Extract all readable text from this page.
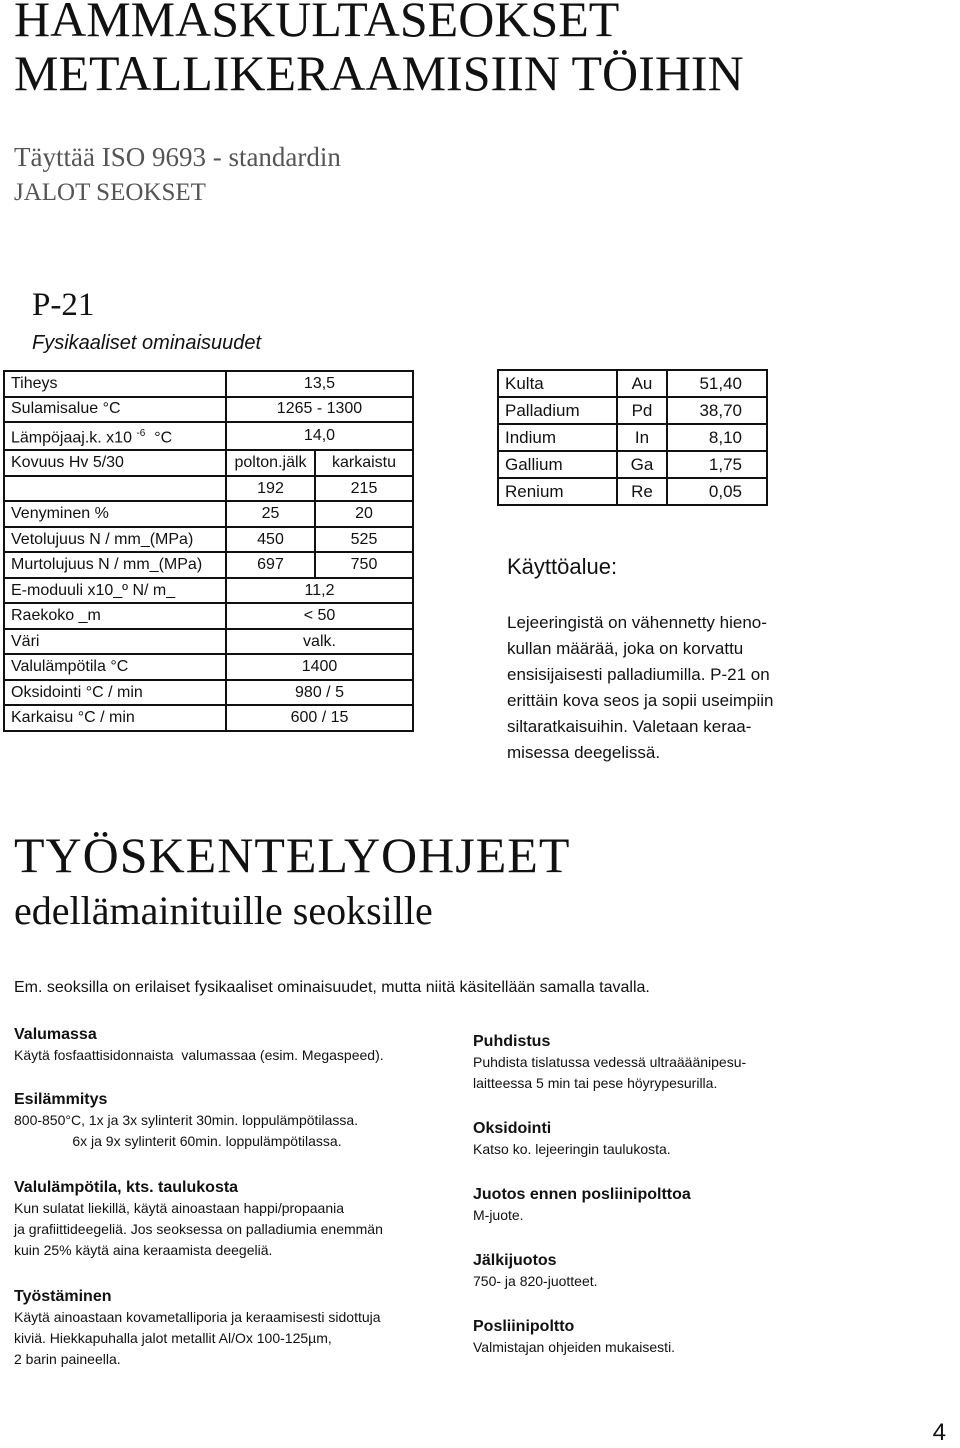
HAMMASKULTASEOKSET
METALLIKERAAMISIIN TÖIHIN
Täyttää ISO 9693 - standardin
JALOT SEOKSET
P-21
Fysikaaliset ominaisuudet
Tiheys	13,5	
Sulamisalue °C	1265 - 1300	
Lämpöjaaj.k. x10 $^{-6}$ °C	14,0	
Kovuus Hv 5/30	polton.jälk	karkaistu
	192	215
Venyminen %	25	20
Vetolujuus N / mm_(MPa)	450	525
Murtolujuus N / mm_(MPa)	697	750
E-moduuli x10_º N/ m_	11,2	
Raekoko _m	< 50	
Väri	valk.	
Valulämpötila °C	1400	
Oksidointi °C / min	980 / 5	
Karkaisu °C / min	600 / 15	
Kulta	Au	51,40
Palladium	Pd	38,70
Indium	In	8,10
Gallium	Ga	1,75
Renium	Re	0,05
Käyttöalue:
Lejeeringistä on vähennetty hieno-
kullan määrää, joka on korvattu
ensisijaisesti palladiumilla. P-21 on
erittäin kova seos ja sopii useimpiin
siltaratkaisuihin. Valetaan keraa-
misessa deegelissä.
TYÖSKENTELYOHJEET
edellämainituille seoksille
Em. seoksilla on erilaiset fysikaaliset ominaisuudet, mutta niitä käsitellään samalla tavalla.
Valumassa
Käytä fosfaattisidonnaista  valumassaa (esim. Megaspeed).
Esilämmitys
800-850°C, 1x ja 3x sylinterit 30min. loppulämpötilassa.
6x ja 9x sylinterit 60min. loppulämpötilassa.
Valulämpötila, kts. taulukosta
Kun sulatat liekillä, käytä ainoastaan happi/propaania
ja grafiittideegeliä. Jos seoksessa on palladiumia enemmän
kuin 25% käytä aina keraamista deegeliä.
Työstäminen
Käytä ainoastaan kovametalliporia ja keraamisesti sidottuja
kiviä. Hiekkapuhalla jalot metallit Al/Ox 100-125µm,
2 barin paineella.
Puhdistus
Puhdista tislatussa vedessä ultraääänipesu-
laitteessa 5 min tai pese höyrypesurilla.
Oksidointi
Katso ko. lejeeringin taulukosta.
Juotos ennen posliinipolttoa
M-juote.
Jälkijuotos
750- ja 820-juotteet.
Posliinipoltto
Valmistajan ohjeiden mukaisesti.
4
